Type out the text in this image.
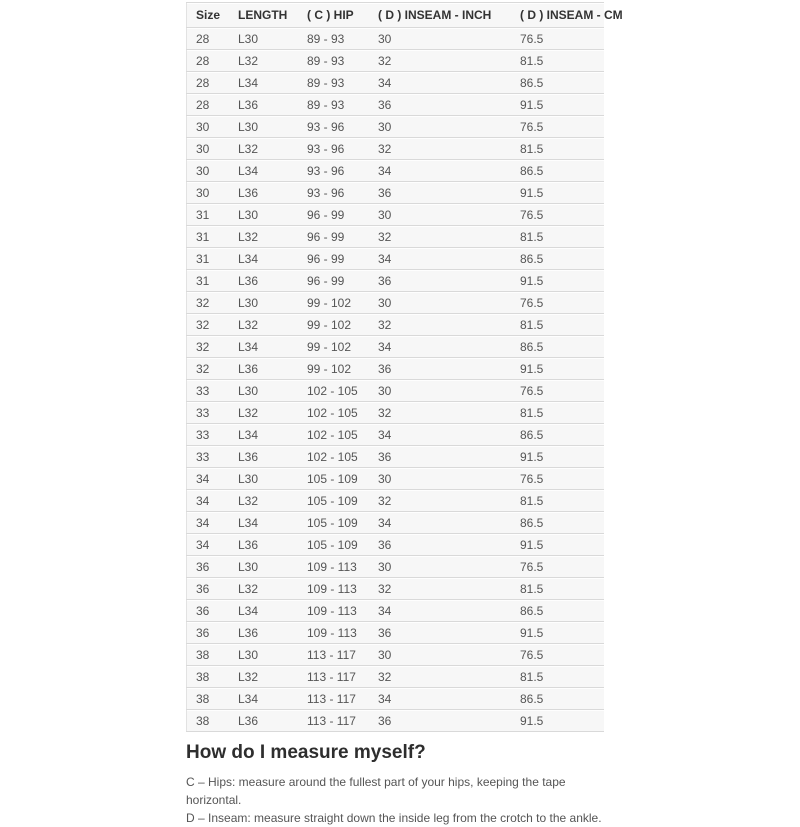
Size	LENGTH	( C ) HIP	( D ) INSEAM - INCH	( D ) INSEAM - CM
28	L30	89 - 93	30	76.5
28	L32	89 - 93	32	81.5
28	L34	89 - 93	34	86.5
28	L36	89 - 93	36	91.5
30	L30	93 - 96	30	76.5
30	L32	93 - 96	32	81.5
30	L34	93 - 96	34	86.5
30	L36	93 - 96	36	91.5
31	L30	96 - 99	30	76.5
31	L32	96 - 99	32	81.5
31	L34	96 - 99	34	86.5
31	L36	96 - 99	36	91.5
32	L30	99 - 102	30	76.5
32	L32	99 - 102	32	81.5
32	L34	99 - 102	34	86.5
32	L36	99 - 102	36	91.5
33	L30	102 - 105	30	76.5
33	L32	102 - 105	32	81.5
33	L34	102 - 105	34	86.5
33	L36	102 - 105	36	91.5
34	L30	105 - 109	30	76.5
34	L32	105 - 109	32	81.5
34	L34	105 - 109	34	86.5
34	L36	105 - 109	36	91.5
36	L30	109 - 113	30	76.5
36	L32	109 - 113	32	81.5
36	L34	109 - 113	34	86.5
36	L36	109 - 113	36	91.5
38	L30	113 - 117	30	76.5
38	L32	113 - 117	32	81.5
38	L34	113 - 117	34	86.5
38	L36	113 - 117	36	91.5
How do I measure myself?

C – Hips: measure around the fullest part of your hips, keeping the tape horizontal.

D – Inseam: measure straight down the inside leg from the crotch to the ankle.
